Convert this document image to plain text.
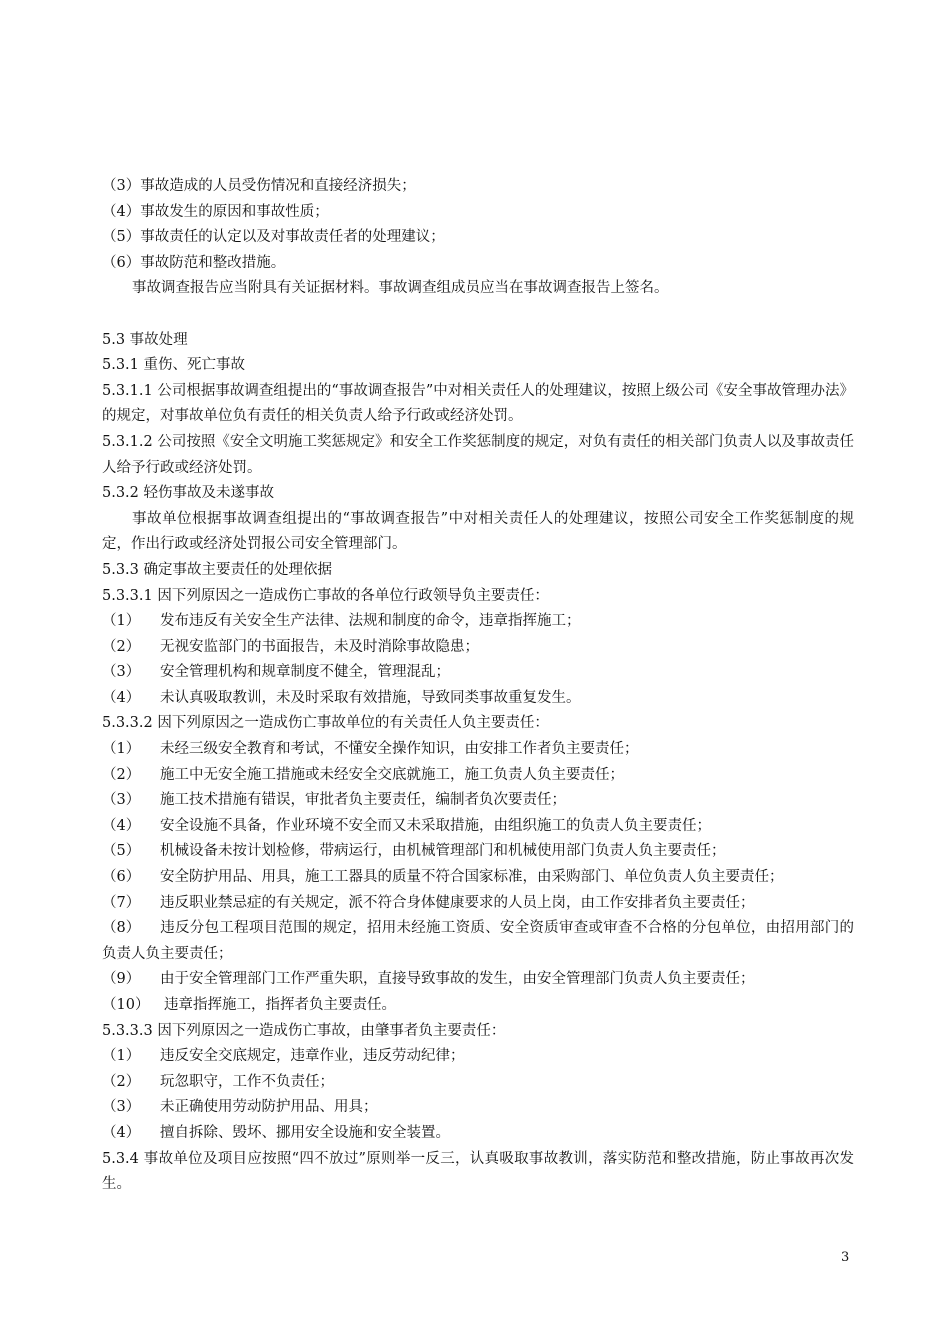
（3）事故造成的人员受伤情况和直接经济损失；
（4）事故发生的原因和事故性质；
（5）事故责任的认定以及对事故责任者的处理建议；
（6）事故防范和整改措施。
事故调查报告应当附具有关证据材料。事故调查组成员应当在事故调查报告上签名。
5.3 事故处理
5.3.1 重伤、死亡事故
5.3.1.1 公司根据事故调查组提出的“事故调查报告”中对相关责任人的处理建议，按照上级公司《安全事故管理办法》的规定，对事故单位负有责任的相关负责人给予行政或经济处罚。
5.3.1.2 公司按照《安全文明施工奖惩规定》和安全工作奖惩制度的规定，对负有责任的相关部门负责人以及事故责任人给予行政或经济处罚。
5.3.2 轻伤事故及未遂事故
事故单位根据事故调查组提出的“事故调查报告”中对相关责任人的处理建议，按照公司安全工作奖惩制度的规定，作出行政或经济处罚报公司安全管理部门。
5.3.3 确定事故主要责任的处理依据
5.3.3.1 因下列原因之一造成伤亡事故的各单位行政领导负主要责任：
（1）	发布违反有关安全生产法律、法规和制度的命令，违章指挥施工；
（2）	无视安监部门的书面报告，未及时消除事故隐患；
（3）	安全管理机构和规章制度不健全，管理混乱；
（4）	未认真吸取教训，未及时采取有效措施，导致同类事故重复发生。
5.3.3.2 因下列原因之一造成伤亡事故单位的有关责任人负主要责任：
（1）	未经三级安全教育和考试，不懂安全操作知识，由安排工作者负主要责任；
（2）	施工中无安全施工措施或未经安全交底就施工，施工负责人负主要责任；
（3）	施工技术措施有错误，审批者负主要责任，编制者负次要责任；
（4）	安全设施不具备，作业环境不安全而又未采取措施，由组织施工的负责人负主要责任；
（5）	机械设备未按计划检修，带病运行，由机械管理部门和机械使用部门负责人负主要责任；
（6） 安全防护用品、用具，施工工器具的质量不符合国家标准，由采购部门、单位负责人负主要责任；
（7）	违反职业禁忌症的有关规定，派不符合身体健康要求的人员上岗，由工作安排者负主要责任；
（8） 违反分包工程项目范围的规定，招用未经施工资质、安全资质审查或审查不合格的分包单位，由招用部门的负责人负主要责任；
（9）	由于安全管理部门工作严重失职，直接导致事故的发生，由安全管理部门负责人负主要责任；
（10）	违章指挥施工，指挥者负主要责任。
5.3.3.3 因下列原因之一造成伤亡事故，由肇事者负主要责任：
（1）	违反安全交底规定，违章作业，违反劳动纪律；
（2）	玩忽职守，工作不负责任；
（3）	未正确使用劳动防护用品、用具；
（4）	擅自拆除、毁坏、挪用安全设施和安全装置。
5.3.4 事故单位及项目应按照“四不放过”原则举一反三，认真吸取事故教训，落实防范和整改措施，防止事故再次发生。
3
